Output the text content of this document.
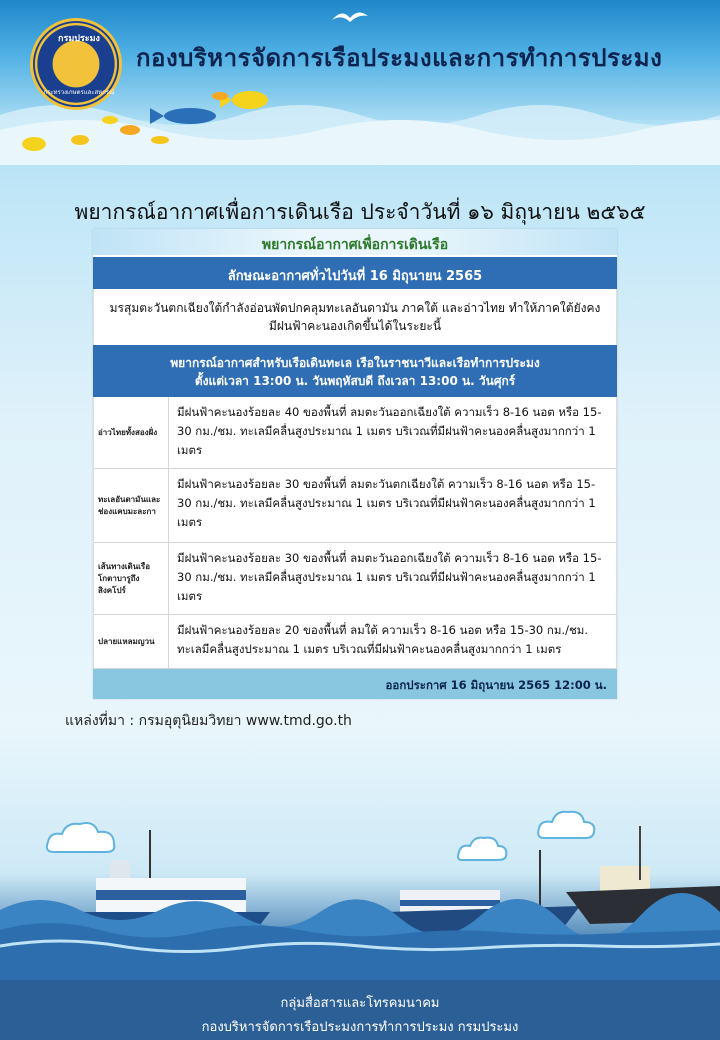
กรมประมง
กระทรวงเกษตรและสหกรณ์
กองบริหารจัดการเรือประมงและการทำการประมง
พยากรณ์อากาศเพื่อการเดินเรือ ประจำวันที่ ๑๖ มิถุนายน ๒๕๖๕
พยากรณ์อากาศเพื่อการเดินเรือ
ลักษณะอากาศทั่วไปวันที่ 16 มิถุนายน 2565
มรสุมตะวันตกเฉียงใต้กำลังอ่อนพัดปกคลุมทะเลอันดามัน ภาคใต้ และอ่าวไทย ทำให้ภาคใต้ยังคง
มีฝนฟ้าคะนองเกิดขึ้นได้ในระยะนี้
พยากรณ์อากาศสำหรับเรือเดินทะเล เรือในราชนาวีและเรือทำการประมง
ตั้งแต่เวลา 13:00 น. วันพฤหัสบดี ถึงเวลา 13:00 น. วันศุกร์
อ่าวไทยทั้งสองฝั่ง
มีฝนฟ้าคะนองร้อยละ 40 ของพื้นที่ ลมตะวันออกเฉียงใต้ ความเร็ว 8-16 นอต หรือ 15-30 กม./ชม. ทะเลมีคลื่นสูงประมาณ 1 เมตร บริเวณที่มีฝนฟ้าคะนองคลื่นสูงมากกว่า 1 เมตร
ทะเลอันดามันและช่องแคบมะละกา
มีฝนฟ้าคะนองร้อยละ 30 ของพื้นที่ ลมตะวันตกเฉียงใต้ ความเร็ว 8-16 นอต หรือ 15-30 กม./ชม. ทะเลมีคลื่นสูงประมาณ 1 เมตร บริเวณที่มีฝนฟ้าคะนองคลื่นสูงมากกว่า 1 เมตร
เส้นทางเดินเรือโกตาบารูถึงสิงคโปร์
มีฝนฟ้าคะนองร้อยละ 30 ของพื้นที่ ลมตะวันออกเฉียงใต้ ความเร็ว 8-16 นอต หรือ 15-30 กม./ชม. ทะเลมีคลื่นสูงประมาณ 1 เมตร บริเวณที่มีฝนฟ้าคะนองคลื่นสูงมากกว่า 1 เมตร
ปลายแหลมญวน
มีฝนฟ้าคะนองร้อยละ 20 ของพื้นที่ ลมใต้ ความเร็ว 8-16 นอต หรือ 15-30 กม./ชม. ทะเลมีคลื่นสูงประมาณ 1 เมตร บริเวณที่มีฝนฟ้าคะนองคลื่นสูงมากกว่า 1 เมตร
ออกประกาศ 16 มิถุนายน 2565 12:00 น.
แหล่งที่มา : กรมอุตุนิยมวิทยา www.tmd.go.th
กลุ่มสื่อสารและโทรคมนาคม
กองบริหารจัดการเรือประมงการทำการประมง กรมประมง
